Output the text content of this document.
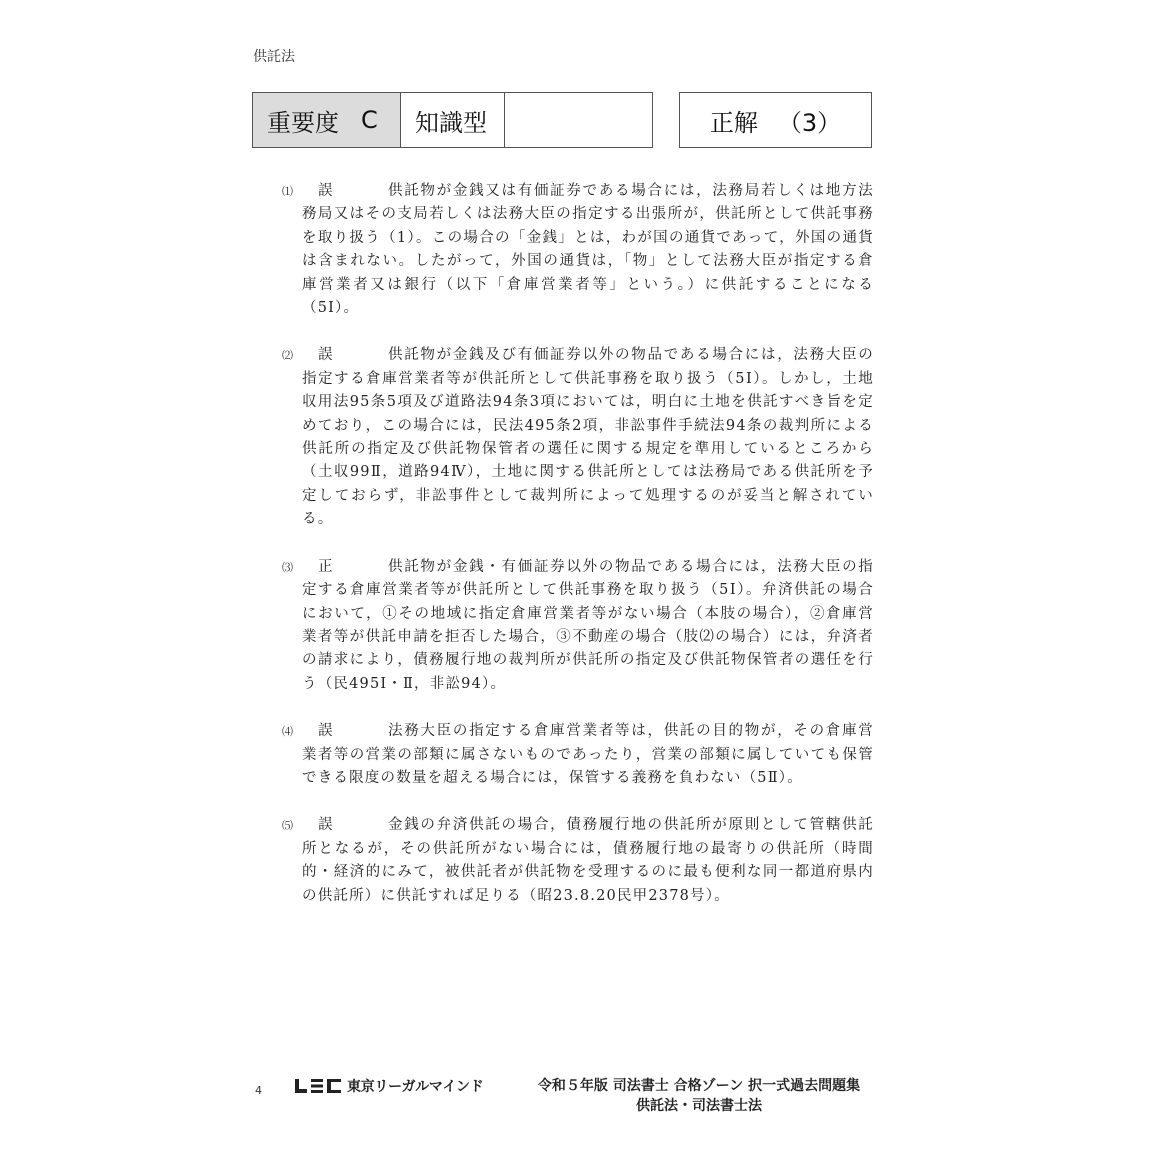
供託法
重要度 C	知識型	正解 （3）
⑴ 誤	供託物が金銭又は有価証券である場合には，法務局若しくは地方法務局又はその支局若しくは法務大臣の指定する出張所が，供託所として供託事務を取り扱う（1）。この場合の「金銭」とは，わが国の通貨であって，外国の通貨は含まれない。したがって，外国の通貨は，「物」として法務大臣が指定する倉庫営業者又は銀行（以下「倉庫営業者等」という。）に供託することになる（5Ⅰ）。
⑵ 誤	供託物が金銭及び有価証券以外の物品である場合には，法務大臣の指定する倉庫営業者等が供託所として供託事務を取り扱う（5Ⅰ）。しかし，土地収用法95条5項及び道路法94条3項においては，明白に土地を供託すべき旨を定めており，この場合には，民法495条2項，非訟事件手続法94条の裁判所による供託所の指定及び供託物保管者の選任に関する規定を準用しているところから（土収99Ⅱ，道路94Ⅳ），土地に関する供託所としては法務局である供託所を予定しておらず，非訟事件として裁判所によって処理するのが妥当と解されている。
⑶ 正	供託物が金銭・有価証券以外の物品である場合には，法務大臣の指定する倉庫営業者等が供託所として供託事務を取り扱う（5Ⅰ）。弁済供託の場合において，①その地域に指定倉庫営業者等がない場合（本肢の場合），②倉庫営業者等が供託申請を拒否した場合，③不動産の場合（肢⑵の場合）には，弁済者の請求により，債務履行地の裁判所が供託所の指定及び供託物保管者の選任を行う（民495Ⅰ・Ⅱ，非訟94）。
⑷ 誤	法務大臣の指定する倉庫営業者等は，供託の目的物が，その倉庫営業者等の営業の部類に属さないものであったり，営業の部類に属していても保管できる限度の数量を超える場合には，保管する義務を負わない（5Ⅱ）。
⑸ 誤	金銭の弁済供託の場合，債務履行地の供託所が原則として管轄供託所となるが，その供託所がない場合には，債務履行地の最寄りの供託所（時間的・経済的にみて，被供託者が供託物を受理するのに最も便利な同一都道府県内の供託所）に供託すれば足りる（昭23.8.20民甲2378号）。
4	東京リーガルマインド	令和５年版 司法書士 合格ゾーン 択一式過去問題集
供託法・司法書士法
